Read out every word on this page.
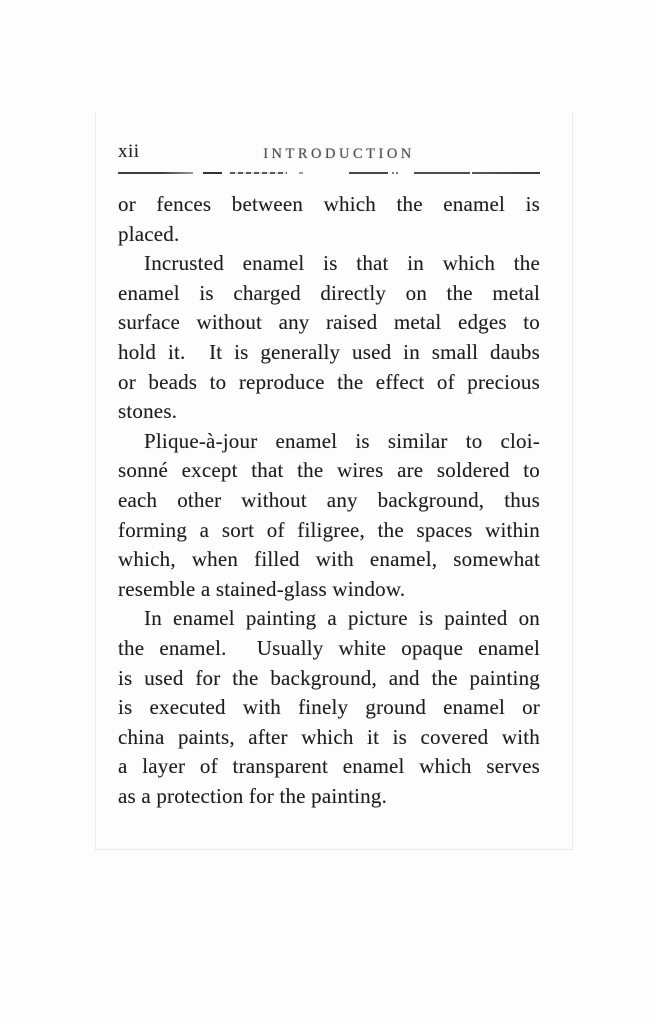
xii	INTRODUCTION
or fences between which the enamel is
placed.
Incrusted enamel is that in which the
enamel is charged directly on the metal
surface without any raised metal edges to
hold it.  It is generally used in small daubs
or beads to reproduce the effect of precious
stones.
Plique-à-jour enamel is similar to cloi-
sonné except that the wires are soldered to
each other without any background, thus
forming a sort of filigree, the spaces within
which, when filled with enamel, somewhat
resemble a stained-glass window.
In enamel painting a picture is painted on
the enamel.  Usually white opaque enamel
is used for the background, and the painting
is executed with finely ground enamel or
china paints, after which it is covered with
a layer of transparent enamel which serves
as a protection for the painting.
